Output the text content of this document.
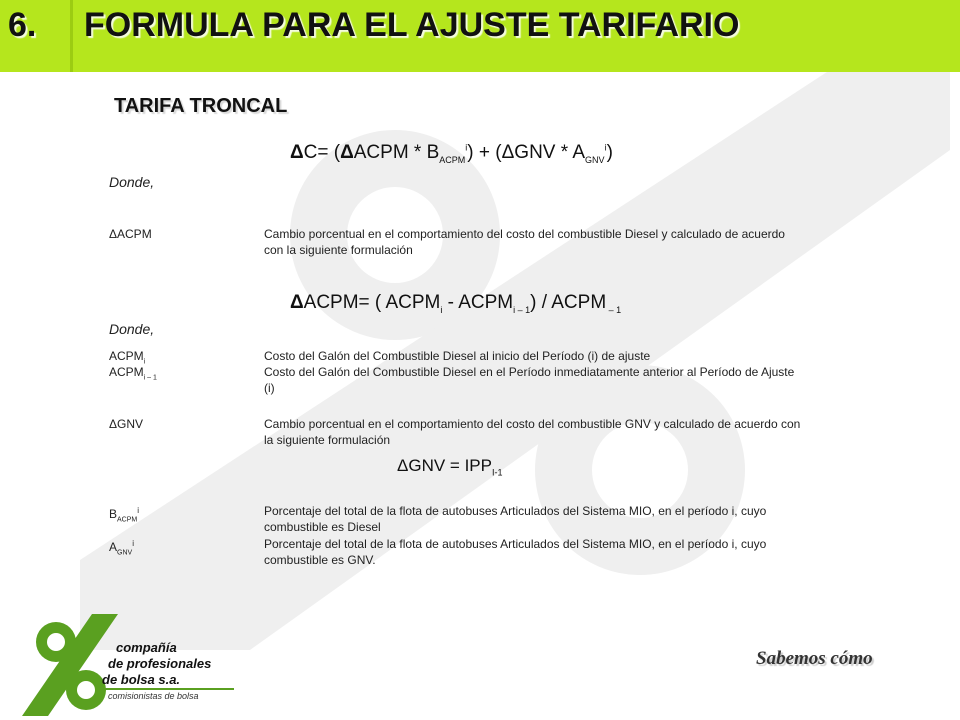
6. FORMULA PARA EL AJUSTE TARIFARIO
TARIFA TRONCAL
ΔC= (ΔACPM * $B_{ACPM}^i) + (\Delta GNV * A_{GNV}^i)$
Donde,
ΔACPM	Cambio porcentual en el comportamiento del costo del combustible Diesel y calculado de acuerdo con la siguiente formulación
ΔACPM= ( $ACPM_i$ - $ACPM_{i - 1}$) / ACPM $_{- 1}$
Donde,
$ACPM_i$	Costo del Galón del Combustible Diesel al inicio del Período (i) de ajuste
$ACPM_{i - 1}$	Costo del Galón del Combustible Diesel en el Período inmediatamente anterior al Período de Ajuste (i)
ΔGNV	Cambio porcentual en el comportamiento del costo del combustible GNV y calculado de acuerdo con la siguiente formulación
$\Delta GNV = IPP_{I-1}$
$B_{ACPM}^i$	Porcentaje del total de la flota de autobuses Articulados del Sistema MIO, en el período i, cuyo combustible es Diesel
$A_{GNV}^i$	Porcentaje del total de la flota de autobuses Articulados del Sistema MIO, en el período i, cuyo combustible es GNV.
compañía
de profesionales
de bolsa s.a.
comisionistas de bolsa
Sabemos cómo
